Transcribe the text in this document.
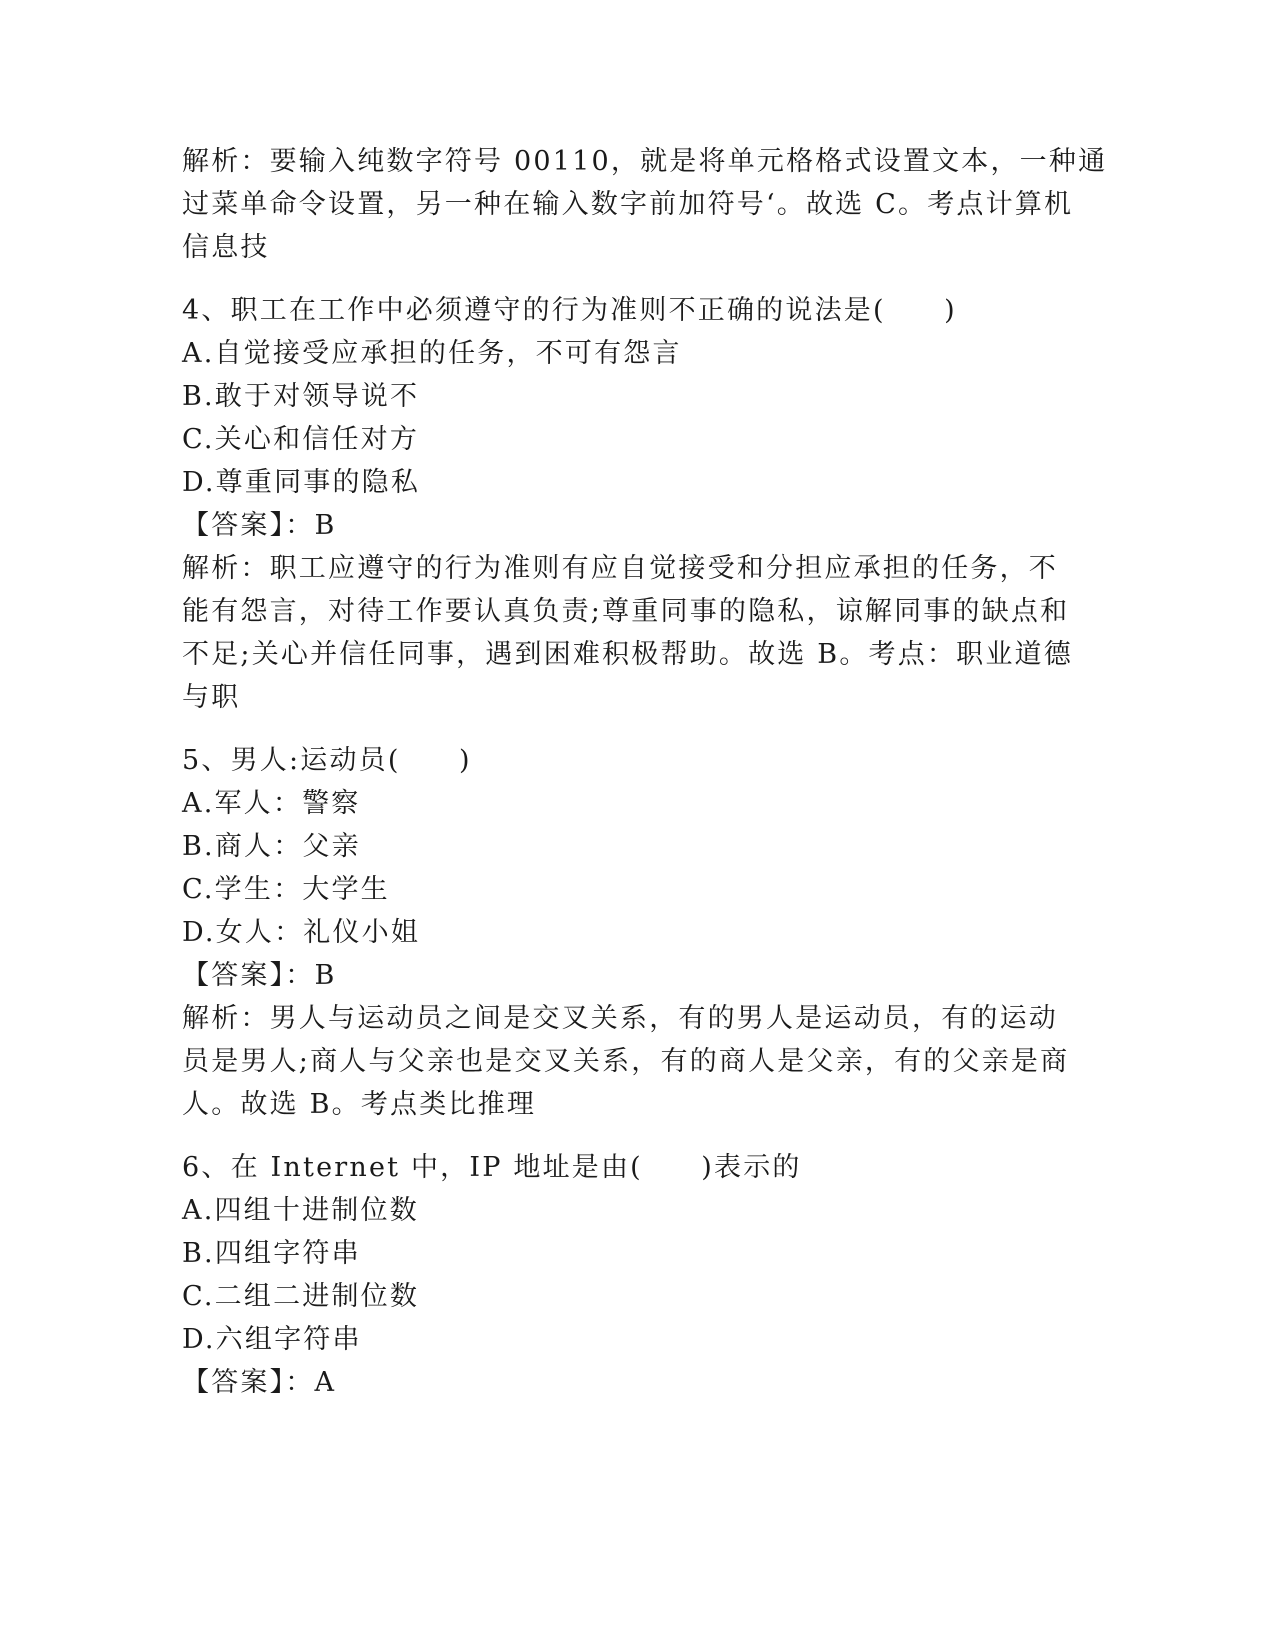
解析：要输入纯数字符号 00110，就是将单元格格式设置文本，一种通
过菜单命令设置，另一种在输入数字前加符号‘。故选 C。考点计算机
信息技
4、职工在工作中必须遵守的行为准则不正确的说法是(　　)
A.自觉接受应承担的任务，不可有怨言
B.敢于对领导说不
C.关心和信任对方
D.尊重同事的隐私
【答案】：B
解析：职工应遵守的行为准则有应自觉接受和分担应承担的任务，不
能有怨言，对待工作要认真负责;尊重同事的隐私，谅解同事的缺点和
不足;关心并信任同事，遇到困难积极帮助。故选 B。考点：职业道德
与职
5、男人:运动员(　　)
A.军人：警察
B.商人：父亲
C.学生：大学生
D.女人：礼仪小姐
【答案】：B
解析：男人与运动员之间是交叉关系，有的男人是运动员，有的运动
员是男人;商人与父亲也是交叉关系，有的商人是父亲，有的父亲是商
人。故选 B。考点类比推理
6、在 Internet 中，IP 地址是由(　　)表示的
A.四组十进制位数
B.四组字符串
C.二组二进制位数
D.六组字符串
【答案】：A
